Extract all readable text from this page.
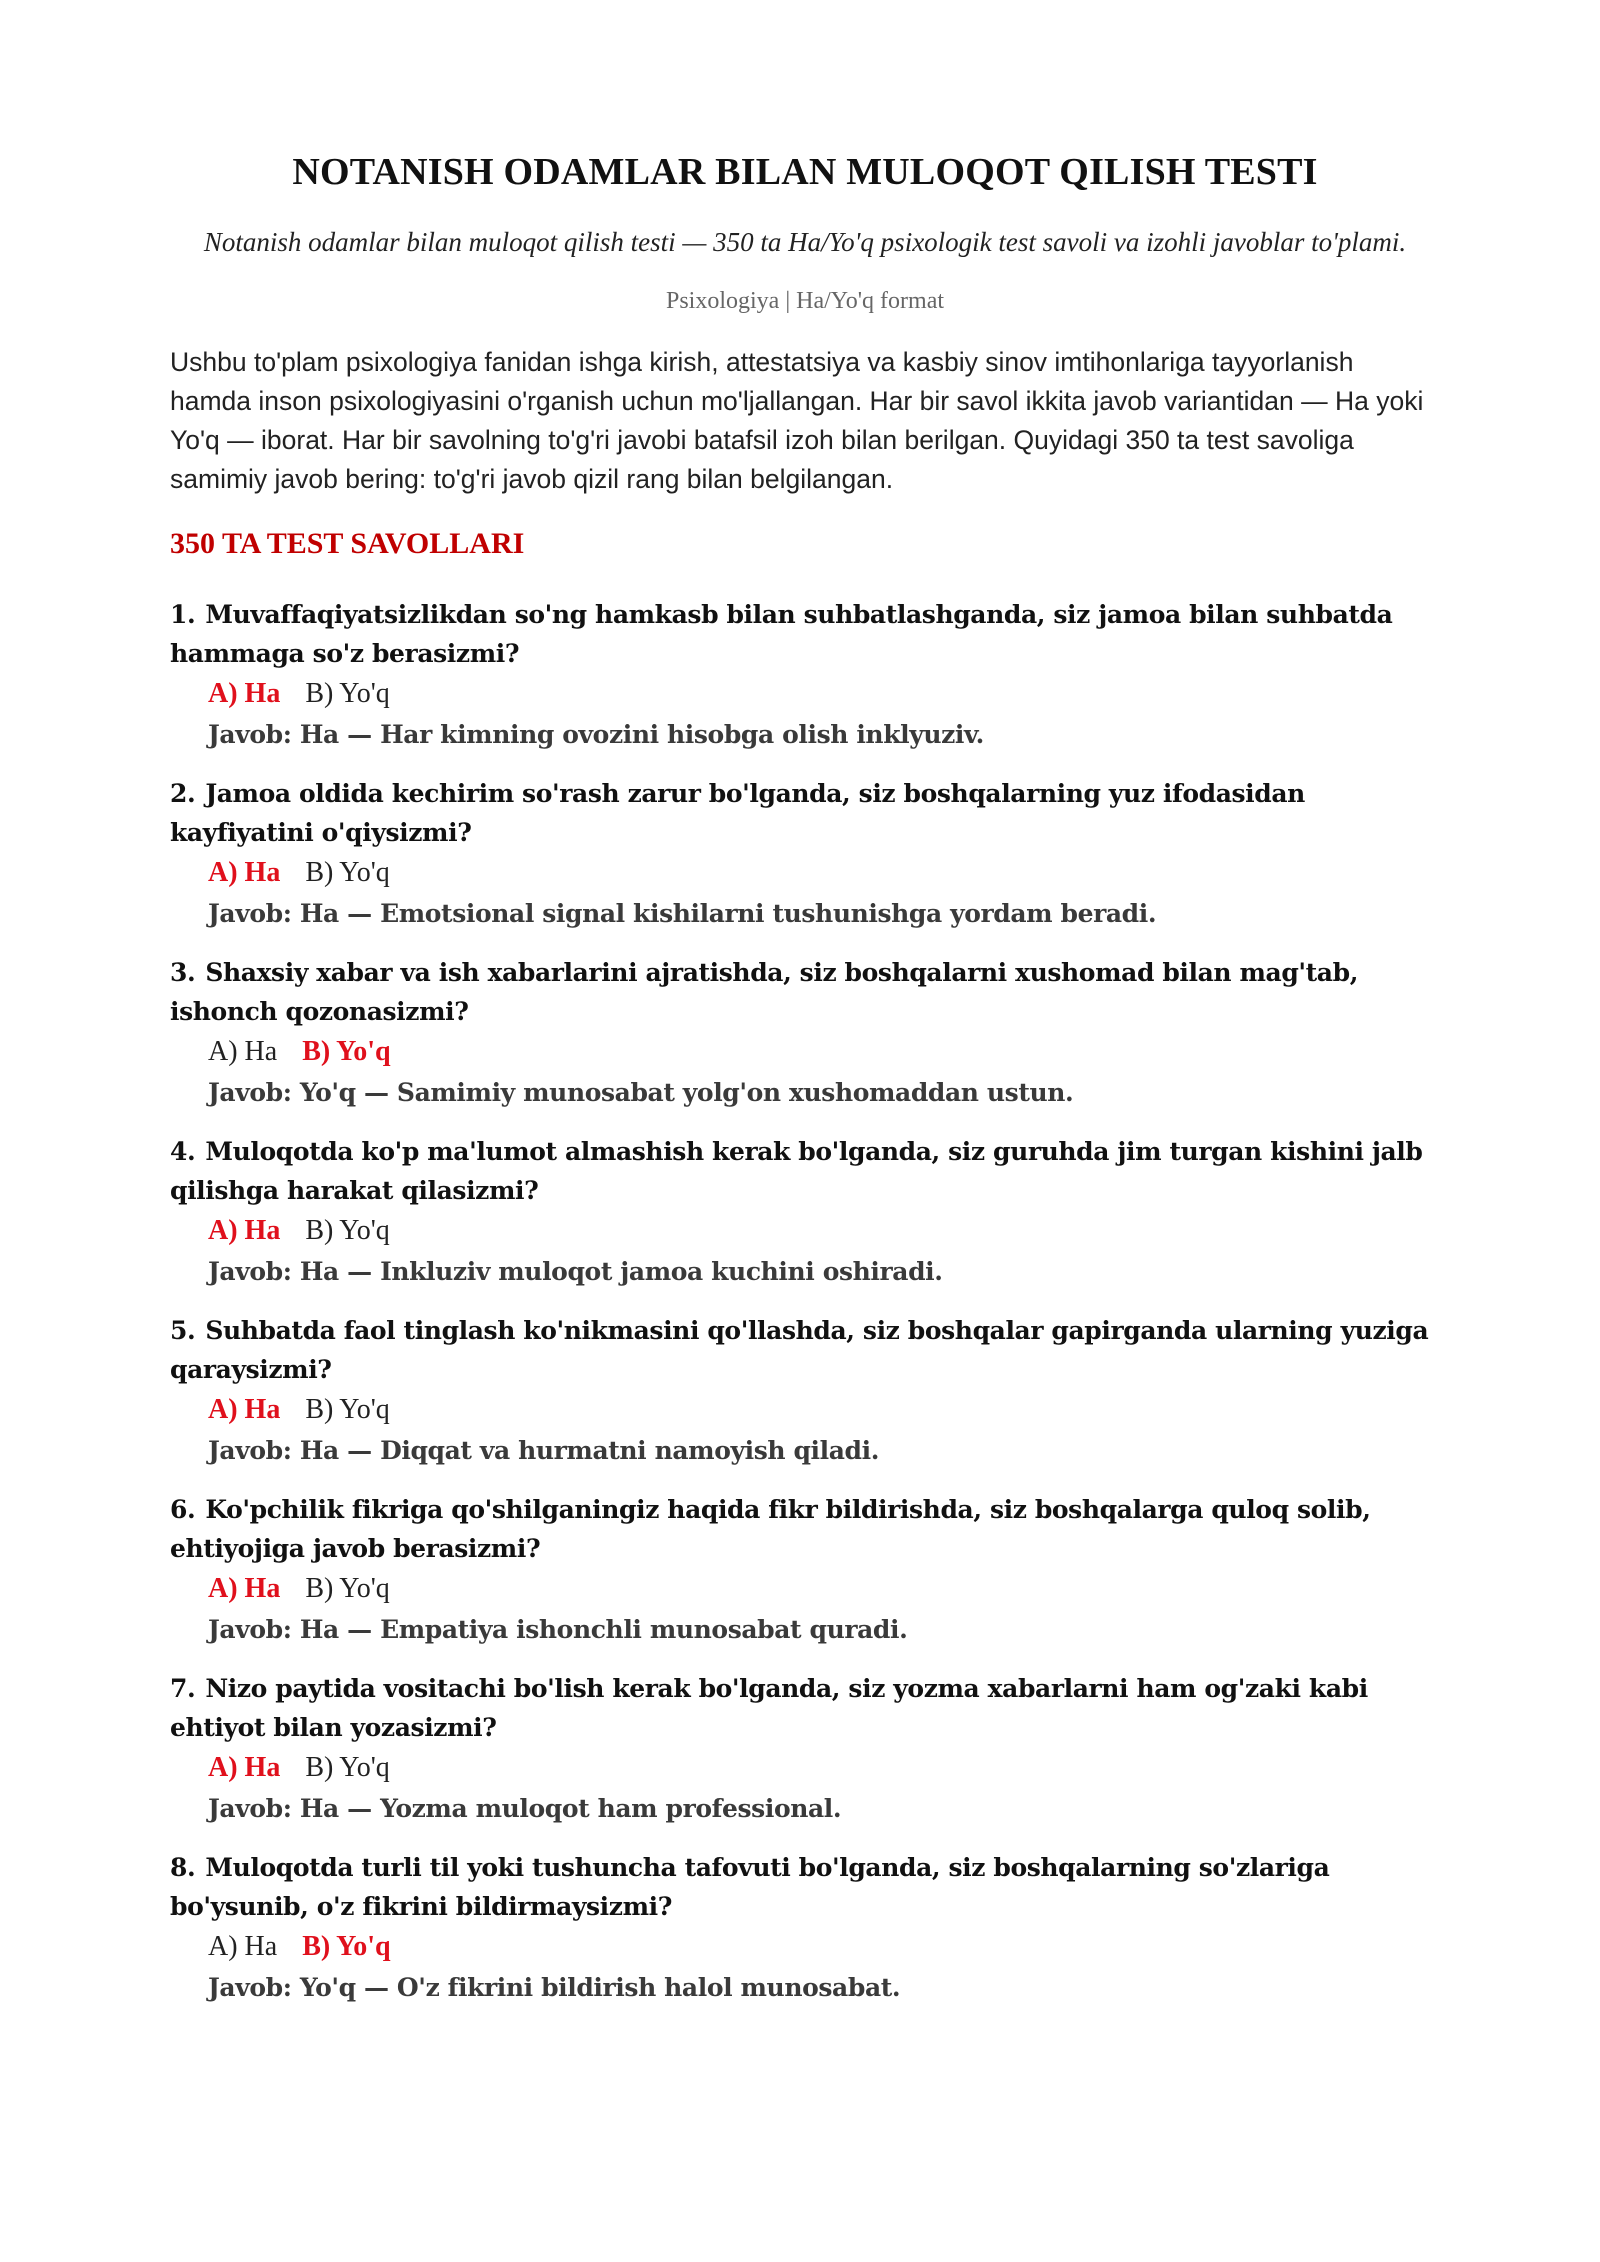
NOTANISH ODAMLAR BILAN MULOQOT QILISH TESTI

Notanish odamlar bilan muloqot qilish testi — 350 ta Ha/Yo'q psixologik test savoli va izohli javoblar to'plami.

Psixologiya | Ha/Yo'q format

Ushbu to'plam psixologiya fanidan ishga kirish, attestatsiya va kasbiy sinov imtihonlariga tayyorlanish hamda inson psixologiyasini o'rganish uchun mo'ljallangan. Har bir savol ikkita javob variantidan — Ha yoki Yo'q — iborat. Har bir savolning to'g'ri javobi batafsil izoh bilan berilgan. Quyidagi 350 ta test savoliga samimiy javob bering: to'g'ri javob qizil rang bilan belgilangan.

350 TA TEST SAVOLLARI
1. Muvaffaqiyatsizlikdan so'ng hamkasb bilan suhbatlashganda, siz jamoa bilan suhbatda hammaga so'z berasizmi?
A) Ha B) Yo'q
Javob: Ha — Har kimning ovozini hisobga olish inklyuziv.
2. Jamoa oldida kechirim so'rash zarur bo'lganda, siz boshqalarning yuz ifodasidan kayfiyatini o'qiysizmi?
A) Ha B) Yo'q
Javob: Ha — Emotsional signal kishilarni tushunishga yordam beradi.
3. Shaxsiy xabar va ish xabarlarini ajratishda, siz boshqalarni xushomad bilan mag'tab, ishonch qozonasizmi?
A) Ha B) Yo'q
Javob: Yo'q — Samimiy munosabat yolg'on xushomaddan ustun.
4. Muloqotda ko'p ma'lumot almashish kerak bo'lganda, siz guruhda jim turgan kishini jalb qilishga harakat qilasizmi?
A) Ha B) Yo'q
Javob: Ha — Inkluziv muloqot jamoa kuchini oshiradi.
5. Suhbatda faol tinglash ko'nikmasini qo'llashda, siz boshqalar gapirganda ularning yuziga qaraysizmi?
A) Ha B) Yo'q
Javob: Ha — Diqqat va hurmatni namoyish qiladi.
6. Ko'pchilik fikriga qo'shilganingiz haqida fikr bildirishda, siz boshqalarga quloq solib, ehtiyojiga javob berasizmi?
A) Ha B) Yo'q
Javob: Ha — Empatiya ishonchli munosabat quradi.
7. Nizo paytida vositachi bo'lish kerak bo'lganda, siz yozma xabarlarni ham og'zaki kabi ehtiyot bilan yozasizmi?
A) Ha B) Yo'q
Javob: Ha — Yozma muloqot ham professional.
8. Muloqotda turli til yoki tushuncha tafovuti bo'lganda, siz boshqalarning so'zlariga bo'ysunib, o'z fikrini bildirmaysizmi?
A) Ha B) Yo'q
Javob: Yo'q — O'z fikrini bildirish halol munosabat.
